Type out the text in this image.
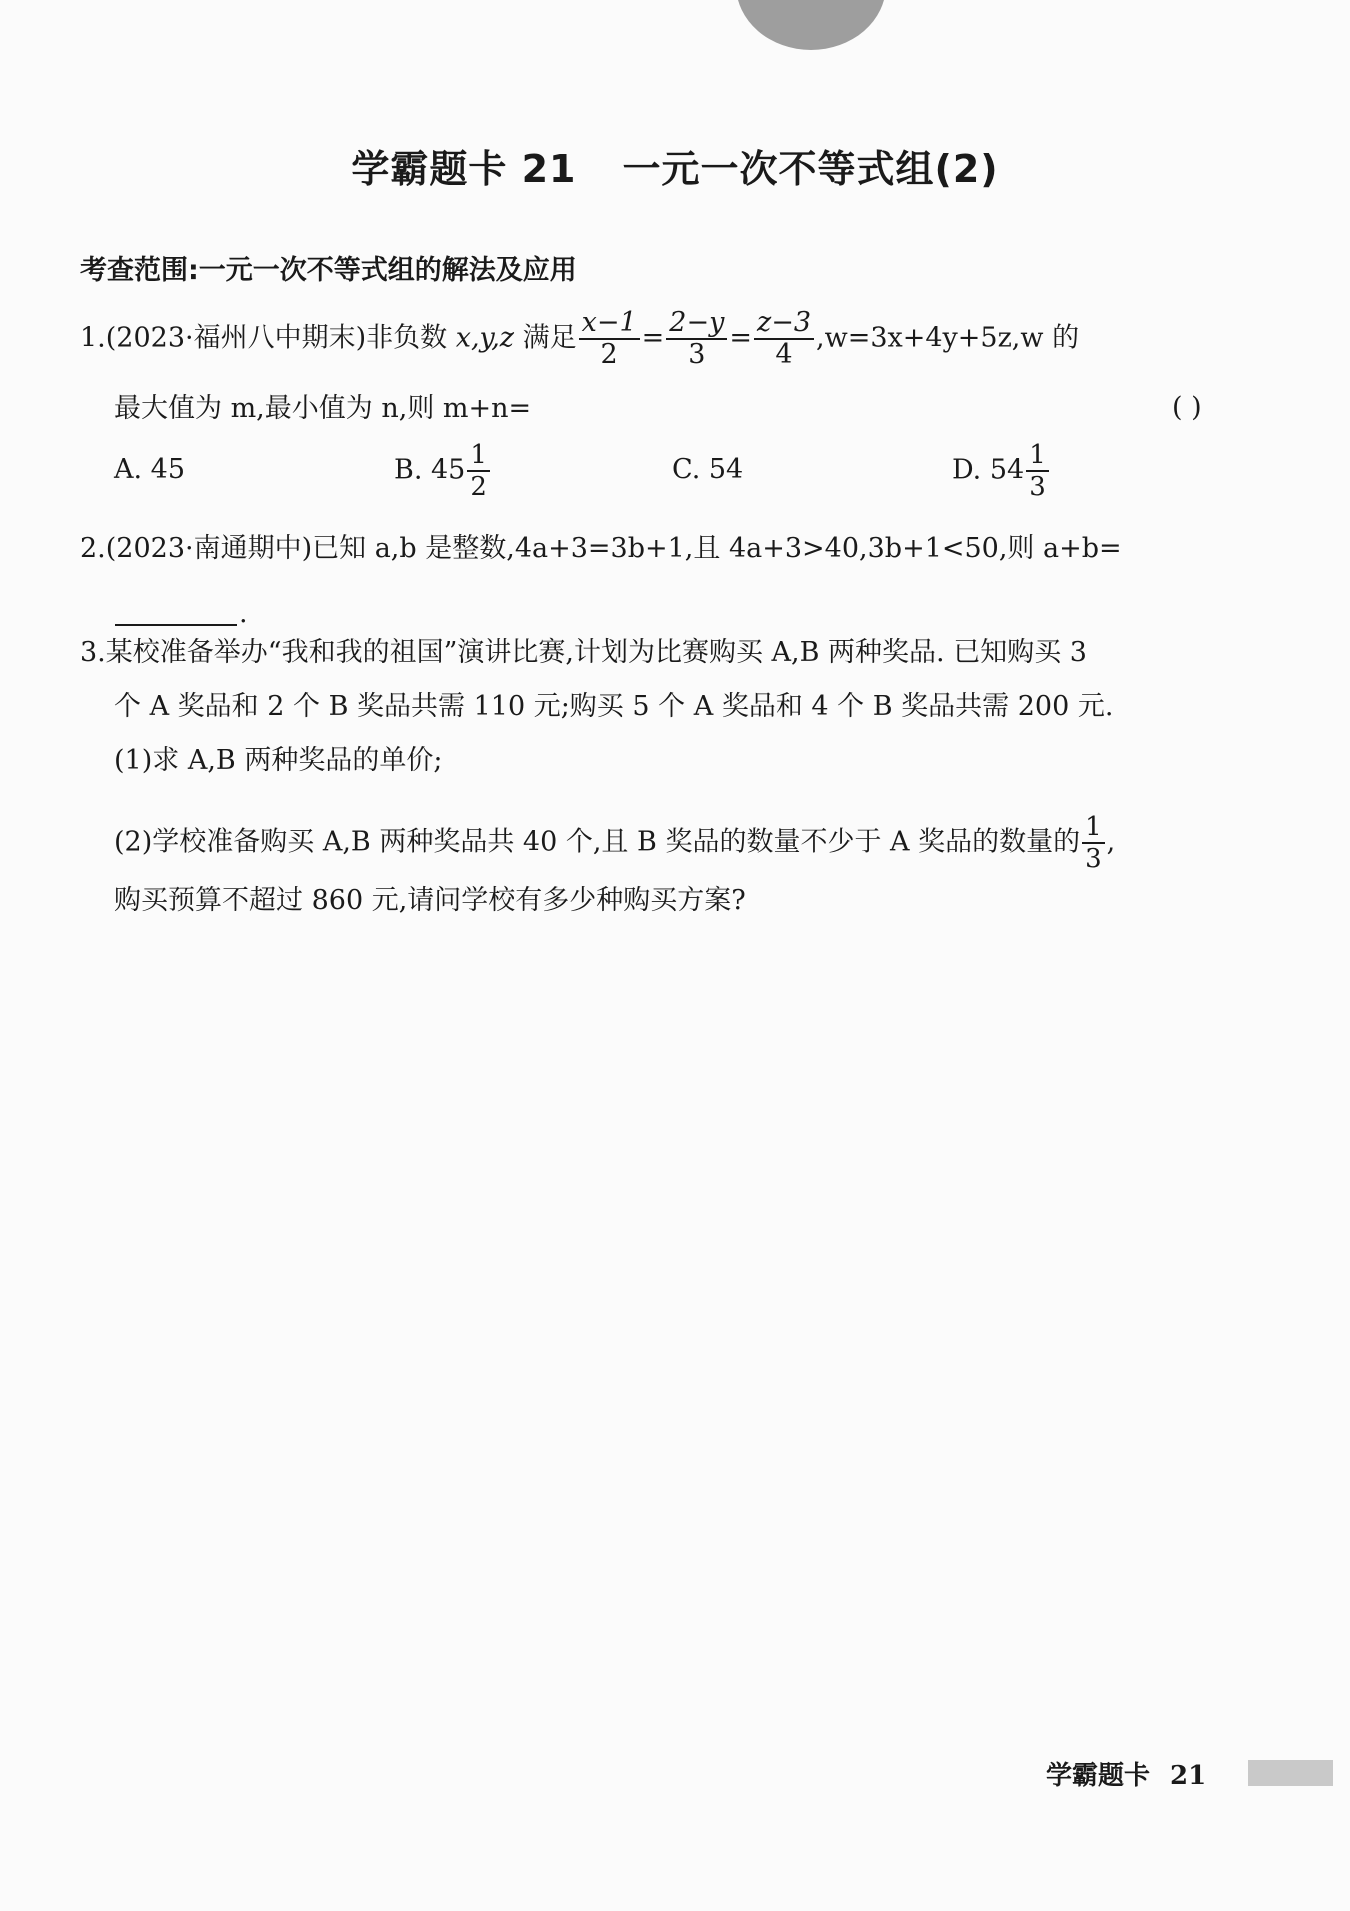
学霸题卡 21 一元一次不等式组(2)
考查范围:一元一次不等式组的解法及应用
1.(2023·福州八中期末)非负数 x,y,z 满足 $\frac{x-1}{2} = \frac{2-y}{3} = \frac{z-3}{4} ,w=3x+4y+5z,w$ 的
最大值为 m,最小值为 n,则 m+n=	( )
A. 45	B. $45 \frac{1}{2}$	C. 54	D. $54 \frac{1}{3}$
2.(2023·南通期中)已知 a,b 是整数,4a+3=3b+1,且 4a+3>40,3b+1<50,则 a+b=
.
3.某校准备举办“我和我的祖国”演讲比赛,计划为比赛购买 A,B 两种奖品. 已知购买 3
个 A 奖品和 2 个 B 奖品共需 110 元;购买 5 个 A 奖品和 4 个 B 奖品共需 200 元.
(1)求 A,B 两种奖品的单价;
(2)学校准备购买 A,B 两种奖品共 40 个,且 B 奖品的数量不少于 A 奖品的数量的 $\frac{1}{3}$ ,
购买预算不超过 860 元,请问学校有多少种购买方案?
学霸题卡 21
